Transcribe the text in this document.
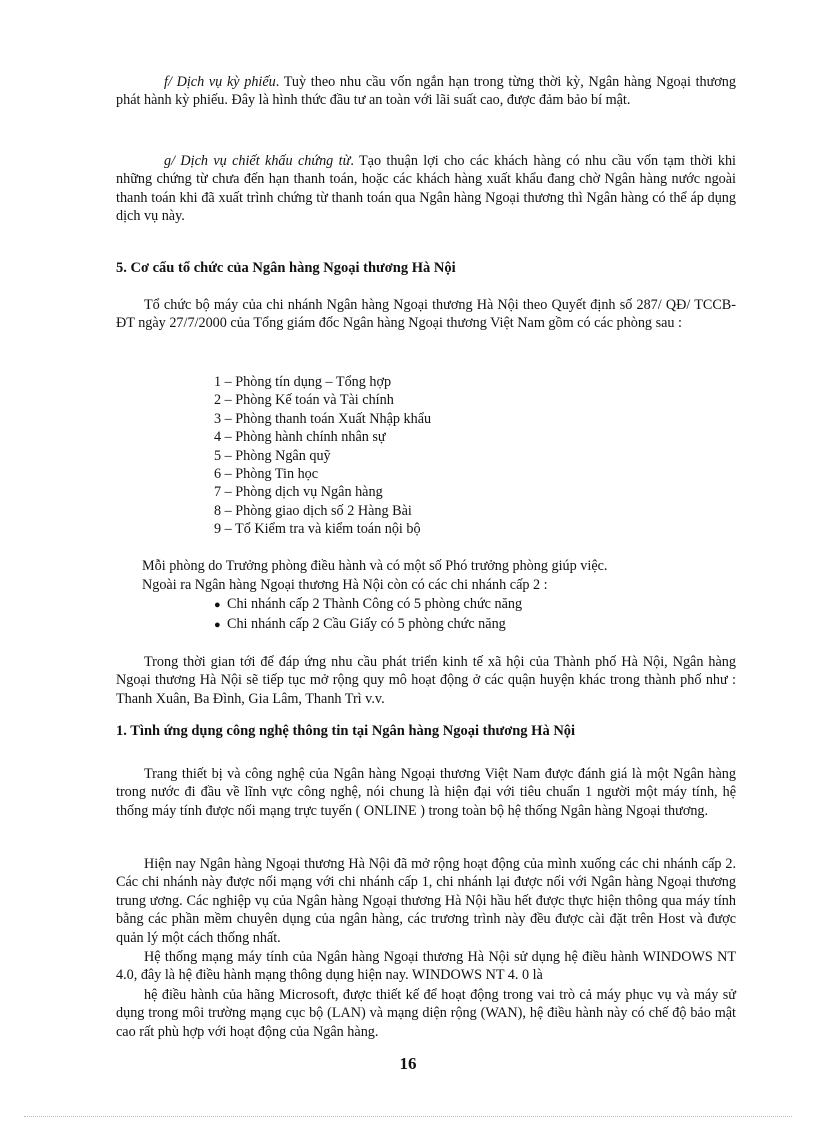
f/ Dịch vụ kỳ phiếu. Tuỳ theo nhu cầu vốn ngắn hạn trong từng thời kỳ, Ngân hàng Ngoại thương phát hành kỳ phiếu. Đây là hình thức đầu tư an toàn với lãi suất cao, được đảm bảo bí mật.

g/ Dịch vụ chiết khấu chứng từ. Tạo thuận lợi cho các khách hàng có nhu cầu vốn tạm thời khi những chứng từ chưa đến hạn thanh toán, hoặc các khách hàng xuất khẩu đang chờ Ngân hàng nước ngoài thanh toán khi đã xuất trình chứng từ thanh toán qua Ngân hàng Ngoại thương thì Ngân hàng có thể áp dụng dịch vụ này.

5. Cơ cấu tổ chức của Ngân hàng Ngoại thương Hà Nội

Tổ chức bộ máy của chi nhánh Ngân hàng Ngoại thương Hà Nội theo Quyết định số 287/ QĐ/ TCCB-ĐT ngày 27/7/2000 của Tổng giám đốc Ngân hàng Ngoại thương Việt Nam gồm có các phòng sau :

1 – Phòng tín dụng – Tổng hợp
2 – Phòng Kế toán và Tài chính
3 – Phòng thanh toán Xuất Nhập khẩu
4 – Phòng hành chính nhân sự
5 – Phòng Ngân quỹ
6 – Phòng Tin học
7 – Phòng dịch vụ Ngân hàng
8 – Phòng giao dịch số 2 Hàng Bài
9 – Tổ Kiểm tra và kiểm toán nội bộ

Mỗi phòng do Trưởng phòng điều hành và có một số Phó trưởng phòng giúp việc.

Ngoài ra Ngân hàng Ngoại thương Hà Nội còn có các chi nhánh cấp 2 :

● Chi nhánh cấp 2 Thành Công có 5 phòng chức năng
● Chi nhánh cấp 2 Cầu Giấy có 5 phòng chức năng

Trong thời gian tới để đáp ứng nhu cầu phát triển kinh tế xã hội của Thành phố Hà Nội, Ngân hàng Ngoại thương Hà Nội sẽ tiếp tục mở rộng quy mô hoạt động ở các quận huyện khác trong thành phố như : Thanh Xuân, Ba Đình, Gia Lâm, Thanh Trì v.v.

1. Tình ứng dụng công nghệ thông tin tại Ngân hàng Ngoại thương Hà Nội

Trang thiết bị và công nghệ của Ngân hàng Ngoại thương Việt Nam được đánh giá là một Ngân hàng trong nước đi đầu về lĩnh vực công nghệ, nói chung là hiện đại với tiêu chuẩn 1 người một máy tính, hệ thống máy tính được nối mạng trực tuyến ( ONLINE ) trong toàn bộ hệ thống Ngân hàng Ngoại thương.

Hiện nay Ngân hàng Ngoại thương Hà Nội đã mở rộng hoạt động của mình xuống các chi nhánh cấp 2. Các chi nhánh này được nối mạng với chi nhánh cấp 1, chi nhánh lại được nối với Ngân hàng Ngoại thương trung ương. Các nghiệp vụ của Ngân hàng Ngoại thương Hà Nội hầu hết được thực hiện thông qua máy tính bằng các phần mềm chuyên dụng của ngân hàng, các trương trình này đều được cài đặt trên Host và được quản lý một cách thống nhất.

Hệ thống mạng máy tính của Ngân hàng Ngoại thương Hà Nội sử dụng hệ điều hành WINDOWS NT 4.0, đây là hệ điều hành mạng thông dụng hiện nay. WINDOWS NT 4. 0 là

hệ điều hành của hãng Microsoft, được thiết kế để hoạt động trong vai trò cả máy phục vụ và máy sử dụng trong môi trường mạng cục bộ (LAN) và mạng diện rộng (WAN), hệ điều hành này có chế độ bảo mật cao rất phù hợp với hoạt động của Ngân hàng.

16
